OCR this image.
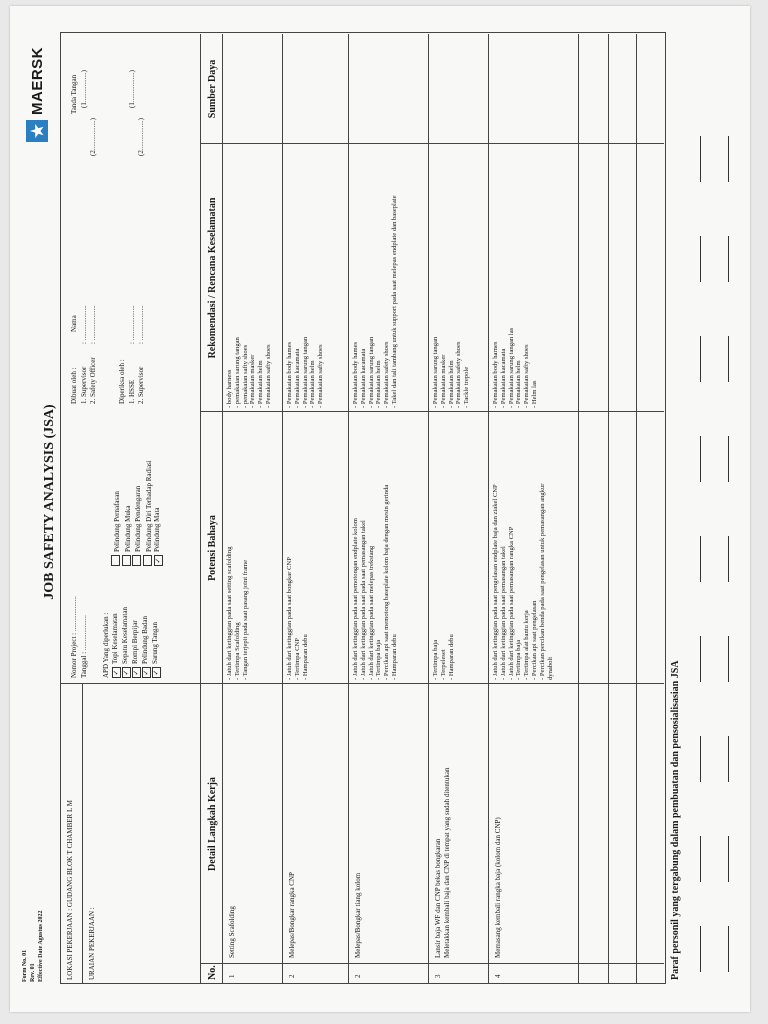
Form No. 01 Rev. 01 Effective Date Agustus 2022
JOB SAFETY ANALYSIS (JSA)
MAERSK
LOKASI PEKERJAAN : GUDANG BLOK T CHAMBER L M URAIAN PEKERJAAN :
Nomor Project : .................... Tanggal : .................... APD Yang diperlukan : ✓Topi Keselamatan
✓Sepatu Keselamatan
✓Rompi Berpijar
✓Pelindung Badan
✓Sarung Tangan
Pelindung Pernafasan Pelindung Muka Pelindung Pendengaran Pelindung Diri Terhadap Radiasi
✓Pelindung Mata
Dibuat oleh : 1. Supervisor 2. Safety Officer	Diperiksa oleh : 1. HSSE 2. Supervisor
Nama : .................... : ....................	: .................... : ....................
Tanda Tangan (1.................)
(2.................)
(1.................)
(2.................)
No.
Detail Langkah Kerja
Potensi Bahaya
Rekomendasi / Rencana Keselamatan
Sumber Daya
1
Setting Scafolding
- Jatuh dari ketinggian pada saat setting scafolding - Tertimpa Scafolding - Tangan terjepit pada saat pasang joint frame
- body harness - pemakaian sarung tangan - pemakaian safty shoes - Pemakaian masker - Pemakaian helm - Pemakaian safty shoes
2
Melepas/Bongkar rangka CNP
- Jatuh dari ketinggian pada saat bongkar CNP - Tertimpa CNP - Hamparan debu
- Pemakaian body hames - Pemakaian kacamata - Pemakaian sarung tangan - Pemakaian helm - Pemakaian safty shoes
2
Melepas/Bongkar tiang kolom
- Jatuh dari ketinggian pada saat pemotongan endplate kolom - Jatuh dari ketinggian pada saat pada saat pemasangan takel - Jatuh dari ketinggian pada saat melepas trekstang - Tertimpa baja - Percikan api saat memotong baseplate kolom baja dengan mesin gerinda - Hamparan debu
- Pemakaian body hames - Pemakaian kacamata - Pemakaian sarung tangan - Pemakaian helm - Pemakaian safety shoes - Takel dan tali tambang untuk support pada saat melepas endplate dan baseplate
3
Lansir baja WF dan CNP bekas bongkaran Meletakkan kembali baja dan CNP di tempat yang sudah ditentukan
- Tertimpa baja - Terpeleset - Hamparan debu
- Pemakaian sarung tangan - Pemakaian masker - Pemakaian helm - Pemakaian safety shoes - Tackle trepole
4
Memasang kembali rangka baja (kolom dan CNP)
- Jatuh dari ketinggian pada saat pengelasan endplate baja dan ziakel CNP - Jatuh dari ketinggian pada saat pemasangan takel - Jatuh dari ketinggian pada saat pemasangan rangka CNP - Tertimpa baja - Tertimpa alat bantu kerja - Percikan api saat pengelasan - Percikan percikan benda pada saat pengelasan untuk pemasangan angkur dynabolt
- Pemakaian body harnes - Pemakaian kacamata - Pemakaian sarung tangan las - Pemakaian helm - Pemakaian safty shoes - Helm las
Paraf personil yang tergabung dalam pembuatan dan pensosialisasian JSA
